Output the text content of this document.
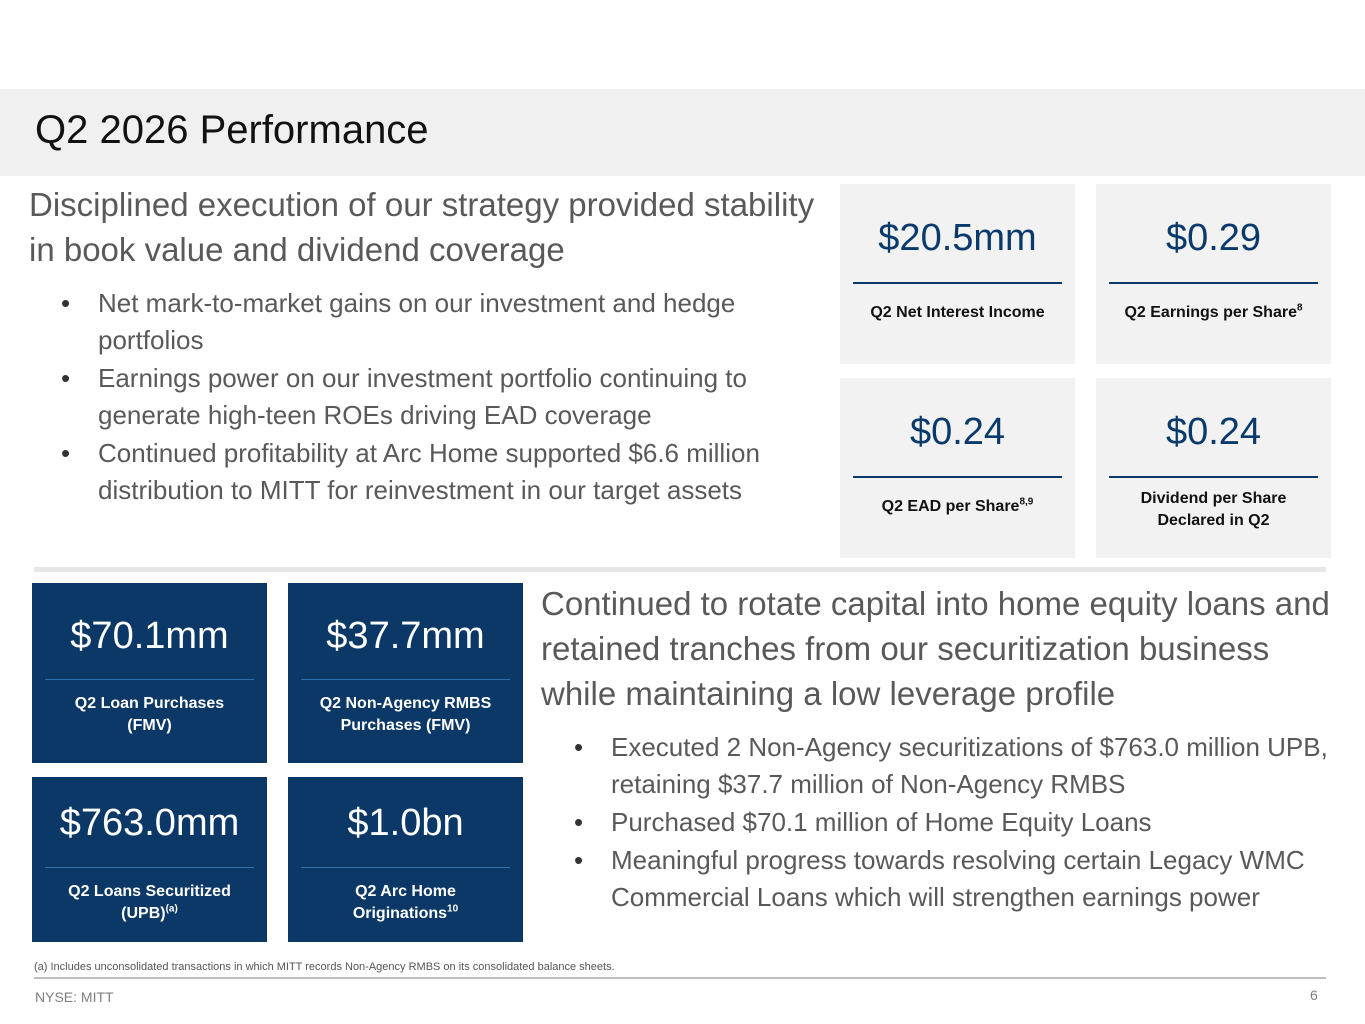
Q2 2026 Performance
Disciplined execution of our strategy provided stability in book value and dividend coverage
• Net mark-to-market gains on our investment and hedge portfolios
• Earnings power on our investment portfolio continuing to generate high-teen ROEs driving EAD coverage
• Continued profitability at Arc Home supported $6.6 million distribution to MITT for reinvestment in our target assets
$20.5mm
Q2 Net Interest Income
$0.29
Q2 Earnings per Share$^8$
$0.24
Q2 EAD per Share$^{8,9}$
$0.24
Dividend per Share
Declared in Q2
$70.1mm
Q2 Loan Purchases
(FMV)
$37.7mm
Q2 Non-Agency RMBS
Purchases (FMV)
$763.0mm
Q2 Loans Securitized
(UPB)$^{(a)}$
$1.0bn
Q2 Arc Home
Originations$^{10}$
Continued to rotate capital into home equity loans and retained tranches from our securitization business while maintaining a low leverage profile
• Executed 2 Non-Agency securitizations of $763.0 million UPB, retaining $37.7 million of Non-Agency RMBS
• Purchased $70.1 million of Home Equity Loans
• Meaningful progress towards resolving certain Legacy WMC Commercial Loans which will strengthen earnings power
(a) Includes unconsolidated transactions in which MITT records Non-Agency RMBS on its consolidated balance sheets.
NYSE: MITT	6
